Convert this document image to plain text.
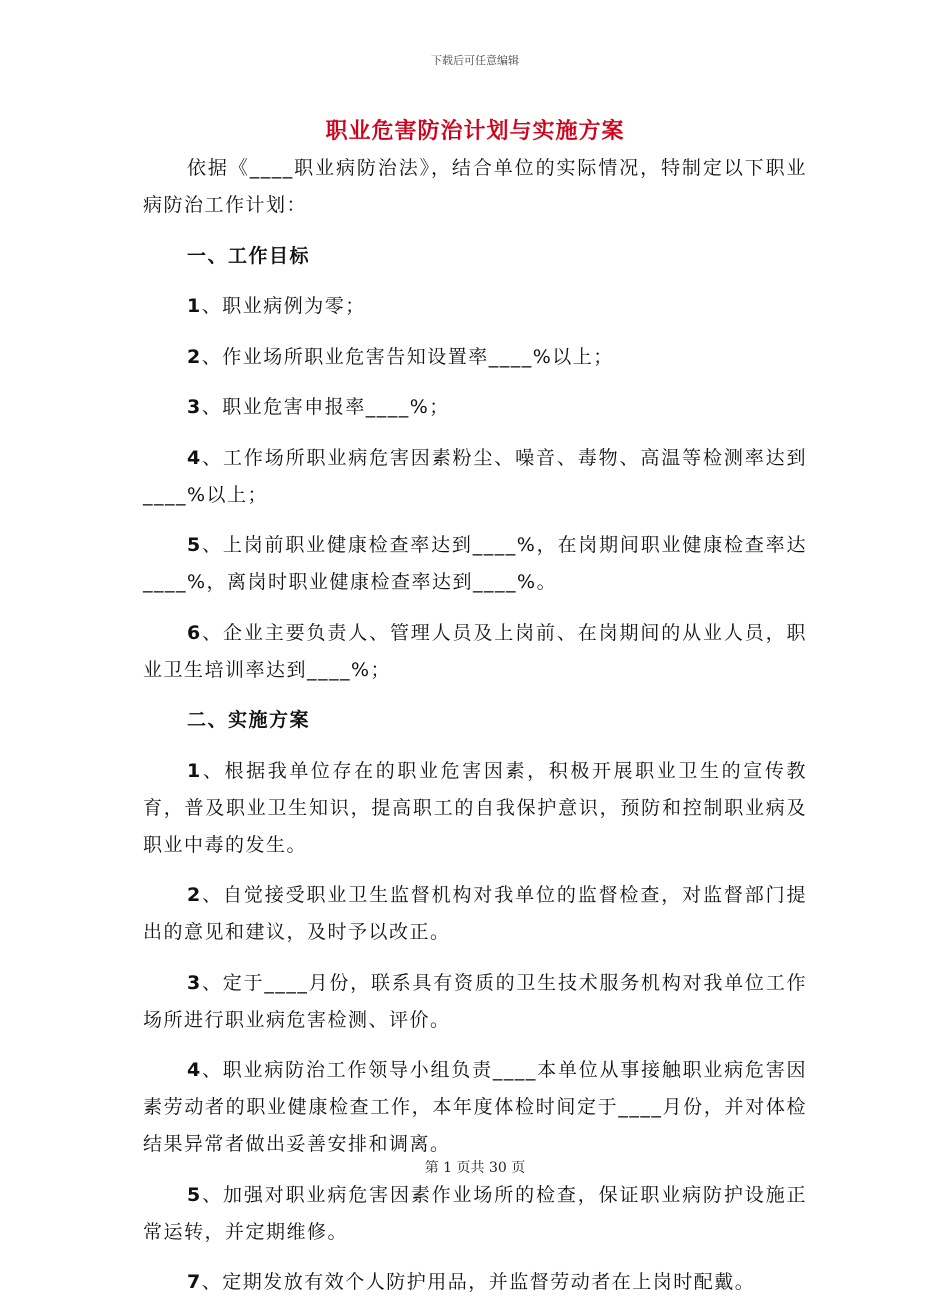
下载后可任意编辑
职业危害防治计划与实施方案

依据《____职业病防治法》，结合单位的实际情况，特制定以下职业病防治工作计划：

一、工作目标

1、职业病例为零；

2、作业场所职业危害告知设置率____%以上；

3、职业危害申报率____%；

4、工作场所职业病危害因素粉尘、噪音、毒物、高温等检测率达到____%以上；

5、上岗前职业健康检查率达到____%，在岗期间职业健康检查率达____%，离岗时职业健康检查率达到____%。

6、企业主要负责人、管理人员及上岗前、在岗期间的从业人员，职业卫生培训率达到____%；

二、实施方案

1、根据我单位存在的职业危害因素，积极开展职业卫生的宣传教育，普及职业卫生知识，提高职工的自我保护意识，预防和控制职业病及职业中毒的发生。

2、自觉接受职业卫生监督机构对我单位的监督检查，对监督部门提出的意见和建议，及时予以改正。

3、定于____月份，联系具有资质的卫生技术服务机构对我单位工作场所进行职业病危害检测、评价。

4、职业病防治工作领导小组负责____本单位从事接触职业病危害因素劳动者的职业健康检查工作，本年度体检时间定于____月份，并对体检结果异常者做出妥善安排和调离。

5、加强对职业病危害因素作业场所的检查，保证职业病防护设施正常运转，并定期维修。

7、定期发放有效个人防护用品，并监督劳动者在上岗时配戴。

第 1 页共 30 页
